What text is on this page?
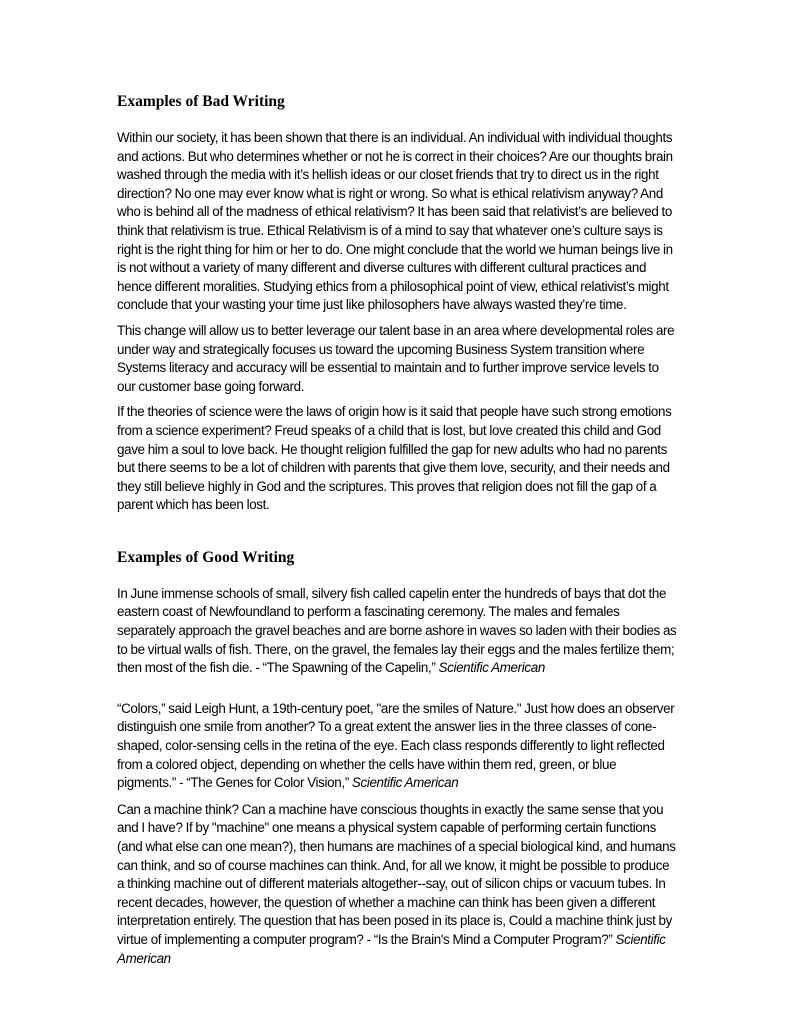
Examples of Bad Writing

Within our society, it has been shown that there is an individual. An individual with individual thoughts and actions. But who determines whether or not he is correct in their choices? Are our thoughts brain washed through the media with it’s hellish ideas or our closet friends that try to direct us in the right direction? No one may ever know what is right or wrong. So what is ethical relativism anyway? And who is behind all of the madness of ethical relativism? It has been said that relativist’s are believed to think that relativism is true. Ethical Relativism is of a mind to say that whatever one’s culture says is right is the right thing for him or her to do. One might conclude that the world we human beings live in is not without a variety of many different and diverse cultures with different cultural practices and hence different moralities. Studying ethics from a philosophical point of view, ethical relativist’s might conclude that your wasting your time just like philosophers have always wasted they’re time.

This change will allow us to better leverage our talent base in an area where developmental roles are under way and strategically focuses us toward the upcoming Business System transition where Systems literacy and accuracy will be essential to maintain and to further improve service levels to our customer base going forward.

If the theories of science were the laws of origin how is it said that people have such strong emotions from a science experiment? Freud speaks of a child that is lost, but love created this child and God gave him a soul to love back. He thought religion fulfilled the gap for new adults who had no parents but there seems to be a lot of children with parents that give them love, security, and their needs and they still believe highly in God and the scriptures. This proves that religion does not fill the gap of a parent which has been lost.

Examples of Good Writing

In June immense schools of small, silvery fish called capelin enter the hundreds of bays that dot the eastern coast of Newfoundland to perform a fascinating ceremony. The males and females separately approach the gravel beaches and are borne ashore in waves so laden with their bodies as to be virtual walls of fish. There, on the gravel, the females lay their eggs and the males fertilize them; then most of the fish die. - “The Spawning of the Capelin,” Scientific American

“Colors,” said Leigh Hunt, a 19th-century poet, "are the smiles of Nature." Just how does an observer distinguish one smile from another? To a great extent the answer lies in the three classes of cone-shaped, color-sensing cells in the retina of the eye. Each class responds differently to light reflected from a colored object, depending on whether the cells have within them red, green, or blue pigments.” - “The Genes for Color Vision,” Scientific American

Can a machine think? Can a machine have conscious thoughts in exactly the same sense that you and I have? If by "machine" one means a physical system capable of performing certain functions (and what else can one mean?), then humans are machines of a special biological kind, and humans can think, and so of course machines can think. And, for all we know, it might be possible to produce a thinking machine out of different materials altogether--say, out of silicon chips or vacuum tubes. In recent decades, however, the question of whether a machine can think has been given a different interpretation entirely. The question that has been posed in its place is, Could a machine think just by virtue of implementing a computer program? - “Is the Brain's Mind a Computer Program?” Scientific American
